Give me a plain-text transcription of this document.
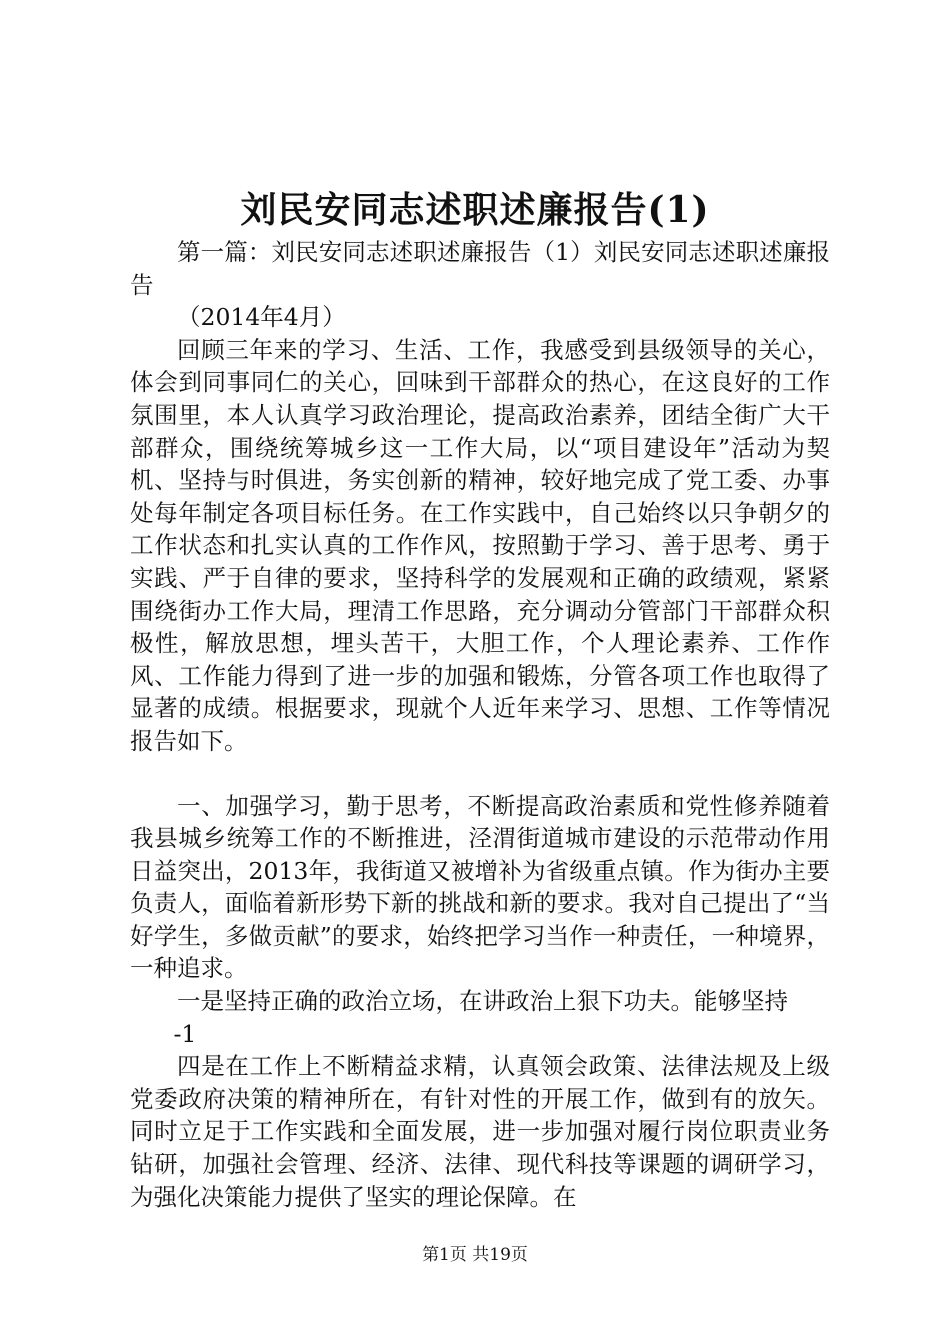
刘民安同志述职述廉报告(1)

第一篇：刘民安同志述职述廉报告（1）刘民安同志述职述廉报告

（2014年4月）

回顾三年来的学习、生活、工作，我感受到县级领导的关心，体会到同事同仁的关心，回味到干部群众的热心，在这良好的工作氛围里，本人认真学习政治理论，提高政治素养，团结全街广大干部群众，围绕统筹城乡这一工作大局，以“项目建设年”活动为契机、坚持与时俱进，务实创新的精神，较好地完成了党工委、办事处每年制定各项目标任务。在工作实践中，自己始终以只争朝夕的工作状态和扎实认真的工作作风，按照勤于学习、善于思考、勇于实践、严于自律的要求，坚持科学的发展观和正确的政绩观，紧紧围绕街办工作大局，理清工作思路，充分调动分管部门干部群众积极性，解放思想，埋头苦干，大胆工作，个人理论素养、工作作风、工作能力得到了进一步的加强和锻炼，分管各项工作也取得了显著的成绩。根据要求，现就个人近年来学习、思想、工作等情况报告如下。

一、加强学习，勤于思考，不断提高政治素质和党性修养随着我县城乡统筹工作的不断推进，泾渭街道城市建设的示范带动作用日益突出，2013年，我街道又被增补为省级重点镇。作为街办主要负责人，面临着新形势下新的挑战和新的要求。我对自己提出了“当好学生，多做贡献”的要求，始终把学习当作一种责任，一种境界，一种追求。

一是坚持正确的政治立场，在讲政治上狠下功夫。能够坚持

-1

四是在工作上不断精益求精，认真领会政策、法律法规及上级党委政府决策的精神所在，有针对性的开展工作，做到有的放矢。同时立足于工作实践和全面发展，进一步加强对履行岗位职责业务钻研，加强社会管理、经济、法律、现代科技等课题的调研学习，为强化决策能力提供了坚实的理论保障。在

第1页 共19页
